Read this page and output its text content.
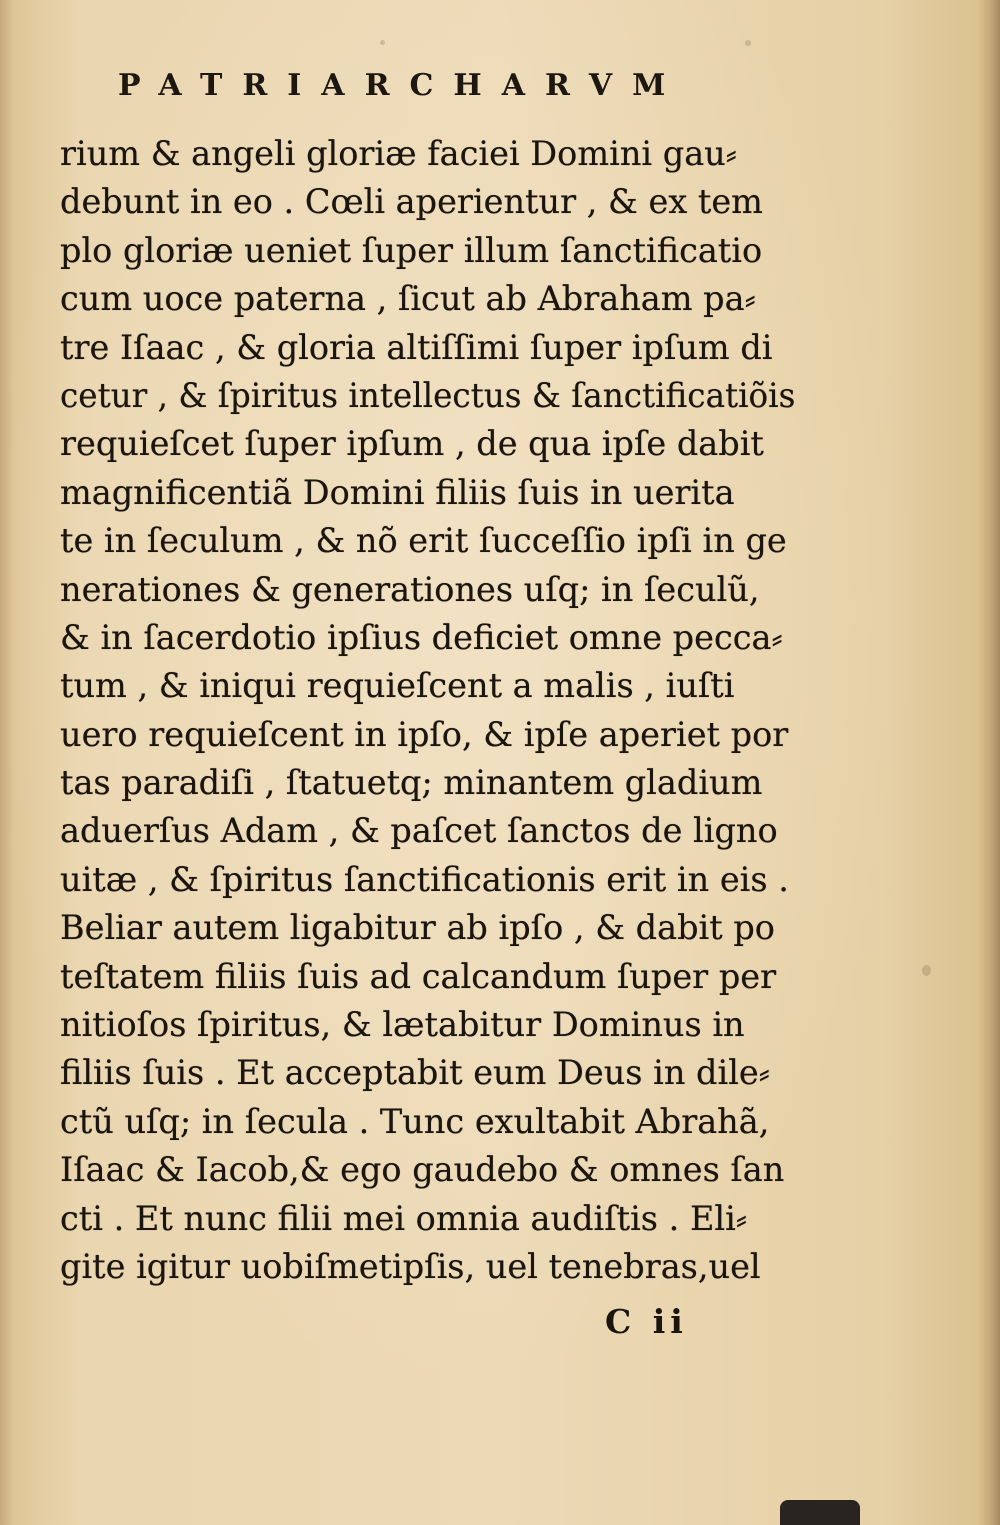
PATRIARCHARVM
rium & angeli gloriæ faciei Domini gau⸗
debunt in eo . Cœli aperientur , & ex tem
plo gloriæ ueniet ſuper illum ſanctificatio
cum uoce paterna , ſicut ab Abraham pa⸗
tre Iſaac , & gloria altiſſimi ſuper ipſum di
cetur , & ſpiritus intellectus & ſanctificatiõis
requieſcet ſuper ipſum , de qua ipſe dabit
magnificentiã Domini filiis ſuis in uerita
te in ſeculum , & nõ erit ſucceſſio ipſi in ge
nerationes & generationes uſq; in ſeculũ,
& in ſacerdotio ipſius deficiet omne pecca⸗
tum , & iniqui requieſcent a malis , iuſti
uero requieſcent in ipſo, & ipſe aperiet por
tas paradiſi , ſtatuetq; minantem gladium
aduerſus Adam , & paſcet ſanctos de ligno
uitæ , & ſpiritus ſanctificationis erit in eis .
Beliar autem ligabitur ab ipſo , & dabit po
teſtatem filiis ſuis ad calcandum ſuper per
nitioſos ſpiritus, & lætabitur Dominus in
filiis ſuis . Et acceptabit eum Deus in dile⸗
ctũ uſq; in ſecula . Tunc exultabit Abrahã,
Iſaac & Iacob,& ego gaudebo & omnes ſan
cti . Et nunc filii mei omnia audiſtis . Eli⸗
gite igitur uobiſmetipſis, uel tenebras,uel
C ii
